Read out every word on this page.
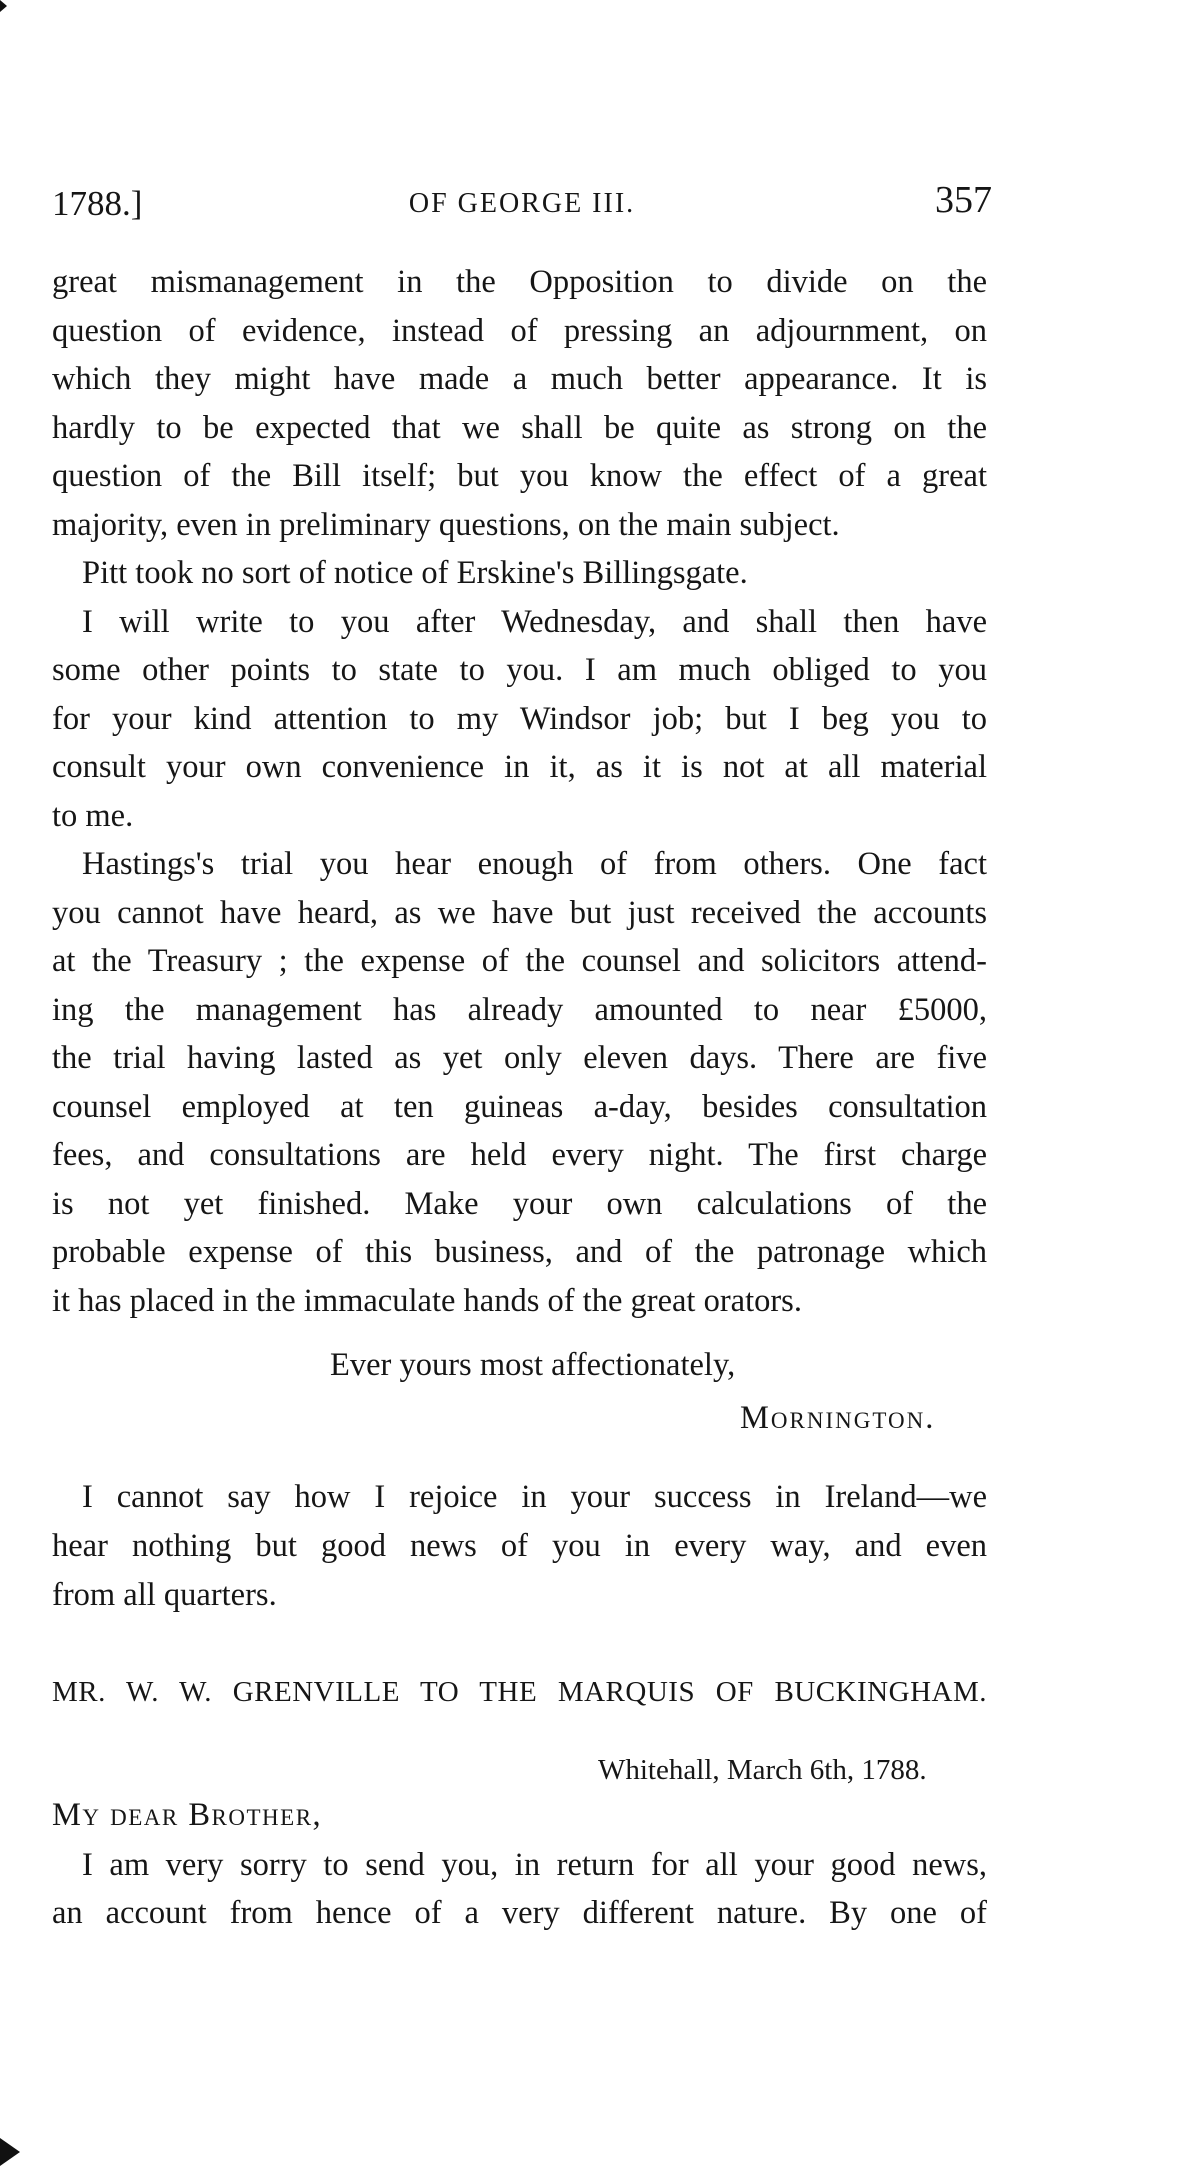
1788.]	OF GEORGE III.	357
great mismanagement in the Opposition to divide on the
question of evidence, instead of pressing an adjournment, on
which they might have made a much better appearance. It is
hardly to be expected that we shall be quite as strong on the
question of the Bill itself; but you know the effect of a great
majority, even in preliminary questions, on the main subject.
Pitt took no sort of notice of Erskine's Billingsgate.
I will write to you after Wednesday, and shall then have
some other points to state to you. I am much obliged to you
for your kind attention to my Windsor job; but I beg you to
consult your own convenience in it, as it is not at all material
to me.
Hastings's trial you hear enough of from others. One fact
you cannot have heard, as we have but just received the accounts
at the Treasury ; the expense of the counsel and solicitors attend-
ing the management has already amounted to near £5000,
the trial having lasted as yet only eleven days. There are five
counsel employed at ten guineas a-day, besides consultation
fees, and consultations are held every night. The first charge
is not yet finished. Make your own calculations of the
probable expense of this business, and of the patronage which
it has placed in the immaculate hands of the great orators.
Ever yours most affectionately,
Mornington.
I cannot say how I rejoice in your success in Ireland—we
hear nothing but good news of you in every way, and even
from all quarters.
MR. W. W. GRENVILLE TO THE MARQUIS OF BUCKINGHAM.
Whitehall, March 6th, 1788.
My dear Brother,
I am very sorry to send you, in return for all your good news,
an account from hence of a very different nature. By one of
